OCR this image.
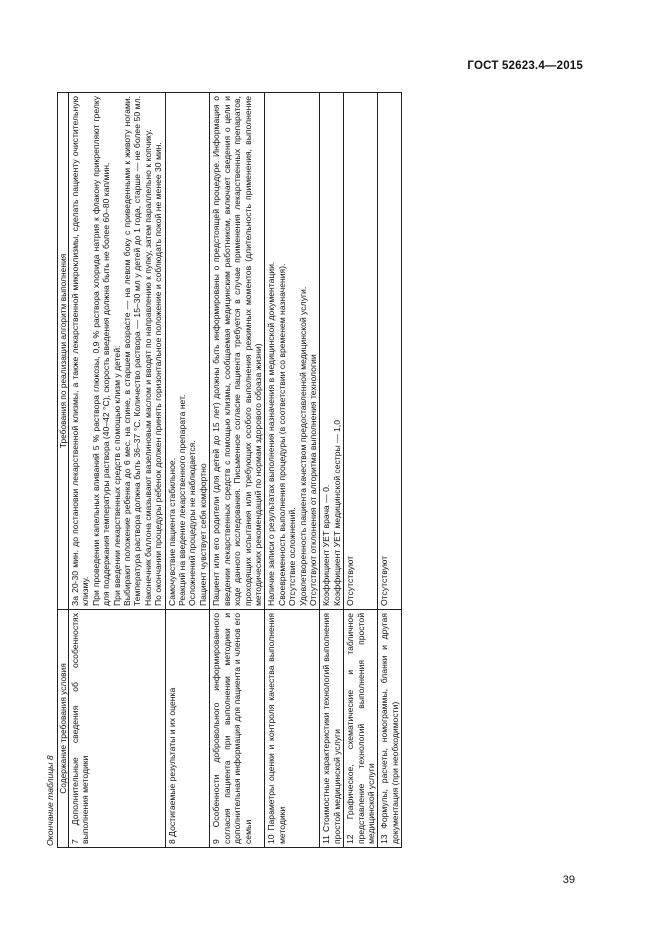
ГОСТ 52623.4—2015
Окончание таблицы 8
Содержание требования условия	Требования по реализации алгоритм выполнения
7 Дополнительные сведения об особенностях выполнения методики	За 20-30 мин. до постановки лекарственной клизмы, а также лекарственной микроклизмы, сделать пациенту очистительную клизму. При проведении капельных вливаний 5 % раствора глюкозы, 0,9 % раствора хлорида натрия к флакону прикрепляют грелку для поддержания температуры раствора (40–42 °С), скорость введения должна быть не более 60–80 кап/мин. При введении лекарственных средств с помощью клизм у детей: Выбирают положение ребенка до 6 мес. на спине, в старшем возрасте — на левом боку с приведенными к животу ногами. Температура раствора должна быть 36–37 °С. Количество раствора — 15–30 мл у детей до 1 года, старше — не более 50 мл. Наконечник баллона смазывают вазелиновым маслом и вводят по направлению к пупку, затем параллельно к копчику. По окончании процедуры ребенок должен принять горизонтальное положение и соблюдать покой не менее 30 мин.

8 Достигаемые результаты и их оценка	Самочувствие пациента стабильное. Реакций на введение лекарственного препарата нет. Осложнений процедуры не наблюдается. Пациент чувствует себя комфортно

9 Особенности добровольного информированного согласия пациента при выполнении методики и дополнительная информация для пациента и членов его семьи	Пациент или его родители (для детей до 15 лет) должны быть информированы о предстоящей процедуре. Информация о введении лекарственных средств с помощью клизмы, сообщаемая медицинским работником, включает сведения о цели и ходе данного исследования. Письменное согласие пациента требуется в случае применения лекарственных препаратов, проходящих испытания или требующих особого выполнения режимных моментов (длительность применения, выполнение методических рекомендаций по нормам здорового образа жизни)

10 Параметры оценки и контроля качества выполнения методики	Наличие записи о результатах выполнения назначения в медицинской документации. Своевременность выполнения процедуры (в соответствии со временем назначения). Отсутствие осложнений. Удовлетворенность пациента качеством предоставленной медицинской услуги. Отсутствуют отклонения от алгоритма выполнения технологии

11 Стоимостные характеристики технологий выполнения простой медицинской услуги	Коэффициент УЕТ врача — 0. Коэффициент УЕТ медицинской сестры — 1,0

12 Графическое, схематические и табличное представление технологий выполнения простой медицинской услуги	Отсутствуют

13 Формулы, расчеты, номограммы, бланки и другая документация (при необходимости)	Отсутствуют

39
